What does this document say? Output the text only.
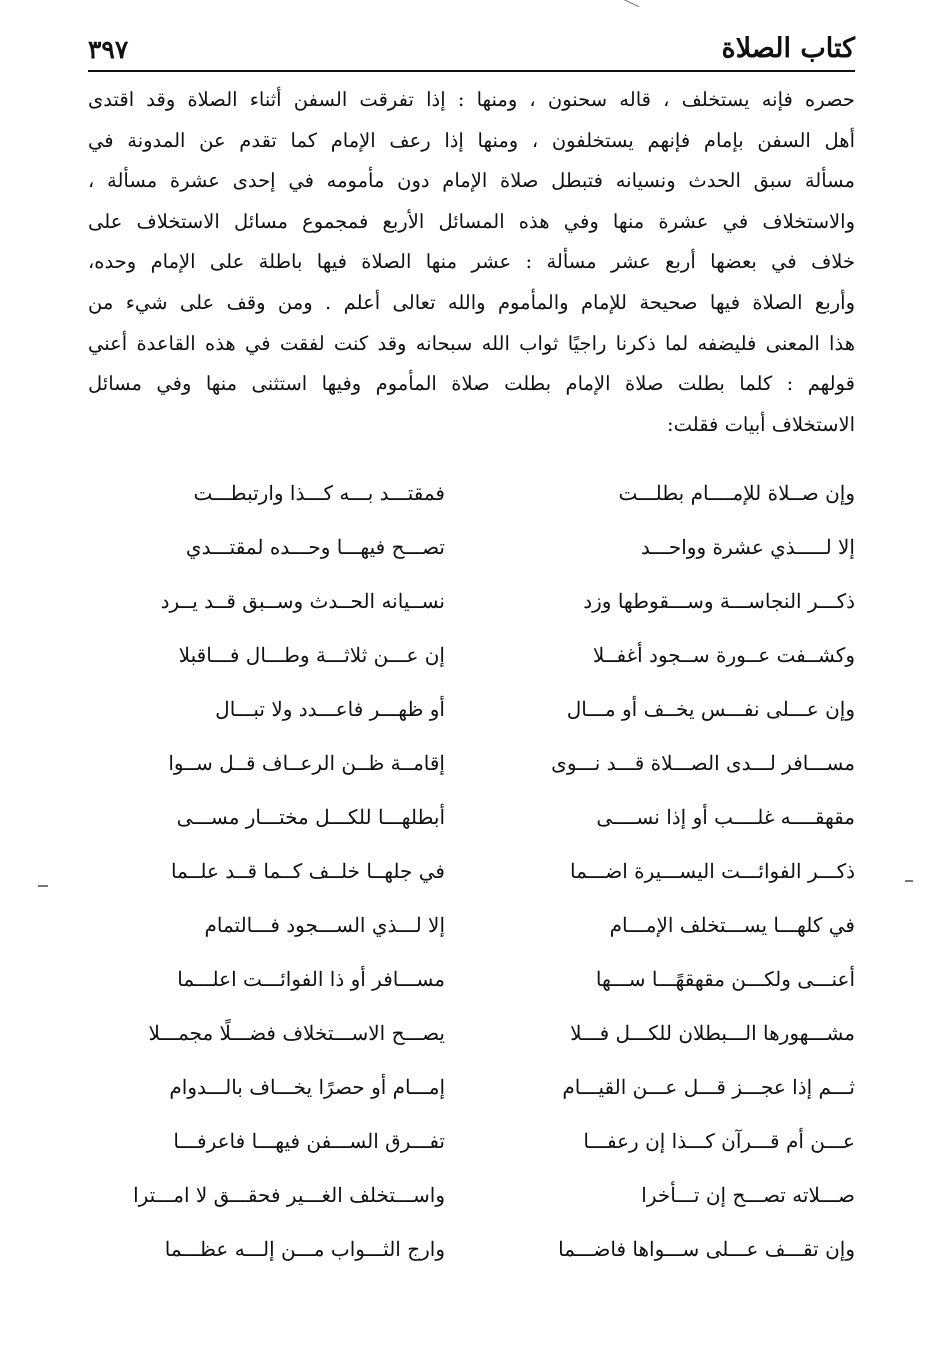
كتاب الصلاة
٣٩٧
حصره فإنه يستخلف ، قاله سحنون ، ومنها : إذا تفرقت السفن أثناء الصلاة وقد اقتدى
أهل السفن بإمام فإنهم يستخلفون ، ومنها إذا رعف الإمام كما تقدم عن المدونة في
مسألة سبق الحدث ونسيانه فتبطل صلاة الإمام دون مأمومه في إحدى عشرة مسألة ،
والاستخلاف في عشرة منها وفي هذه المسائل الأربع فمجموع مسائل الاستخلاف على
خلاف في بعضها أربع عشر مسألة : عشر منها الصلاة فيها باطلة على الإمام وحده،
وأربع الصلاة فيها صحيحة للإمام والمأموم والله تعالى أعلم . ومن وقف على شيء من
هذا المعنى فليضفه لما ذكرنا راجيًا ثواب الله سبحانه وقد كنت لفقت في هذه القاعدة أعني
قولهم : كلما بطلت صلاة الإمام بطلت صلاة المأموم وفيها استثنى منها وفي مسائل
الاستخلاف أبيات فقلت:
وإن صــلاة للإمــــام بطلـــت
فمقتـــد بـــه كـــذا وارتبطـــت
إلا لـــــذي عشرة وواحـــد
تصـــح فيهـــا وحـــده لمقتـــدي
ذكـــر النجاســـة وســـقوطها وزد
نســيانه الحــدث وســبق قــد يــرد
وكشــفت عــورة ســجود أغفــلا
إن عـــن ثلاثـــة وطـــال فـــاقبلا
وإن عـــلى نفـــس يخــف أو مـــال
أو ظهـــر فاعـــدد ولا تبـــال
مســـافر لـــدى الصـــلاة قـــد نـــوى
إقامــة ظــن الرعــاف قــل ســوا
مقهقــــه غلــــب أو إذا نســــى
أبطلهـــا للكـــل مختـــار مســـى
ذكـــر الفوائـــت اليســـيرة اضـــما
في جلهــا خلــف كــما قــد علــما
في كلهـــا يســـتخلف الإمـــام
إلا لـــذي الســـجود فـــالتمام
أعنـــى ولكـــن مقهقهًـــا ســـها
مســـافر أو ذا الفوائـــت اعلـــما
مشـــهورها الـــبطلان للكـــل فـــلا
يصـــح الاســـتخلاف فضـــلًا مجمـــلا
ثـــم إذا عجـــز قـــل عـــن القيـــام
إمـــام أو حصرًا يخـــاف بالـــدوام
عـــن أم قـــرآن كـــذا إن رعفـــا
تفـــرق الســـفن فيهـــا فاعرفـــا
صـــلاته تصـــح إن تـــأخرا
واســـتخلف الغـــير فحقـــق لا امـــترا
وإن تقـــف عـــلى ســـواها فاضـــما
وارج الثـــواب مـــن إلـــه عظـــما
